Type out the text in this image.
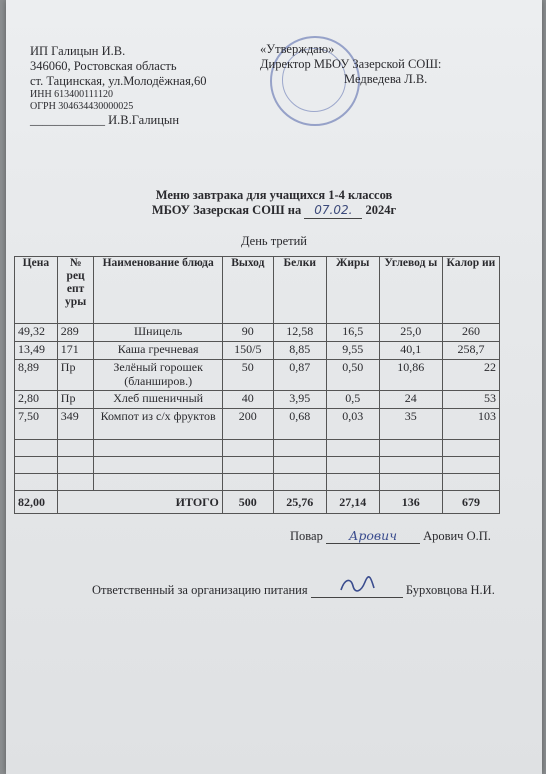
ИП Галицын И.В.
346060, Ростовская область
ст. Тацинская, ул.Молодёжная,60
ИНН 613400111120
ОГРН 304634430000025
____________ И.В.Галицын
«Утверждаю»
Директор МБОУ Зазерской СОШ:
Медведева Л.В.
Меню завтрака для учащихся 1-4 классов
МБОУ Зазерская СОШ на 07.02. 2024г
День третий
Цена	№ рец епт уры	Наименование блюда	Выход	Белки	Жиры	Углевод ы	Калор ии
49,32	289	Шницель	90	12,58	16,5	25,0	260
13,49	171	Каша гречневая	150/5	8,85	9,55	40,1	258,7
8,89	Пр	Зелёный горошек (бланширов.)	50	0,87	0,50	10,86	22
2,80	Пр	Хлеб пшеничный	40	3,95	0,5	24	53
7,50	349	Компот из с/х фруктов	200	0,68	0,03	35	103

82,00	ИТОГО		500	25,76	27,14	136	679
Повар Арович Арович О.П.
Ответственный за организацию питания	Бурховцова Н.И.
